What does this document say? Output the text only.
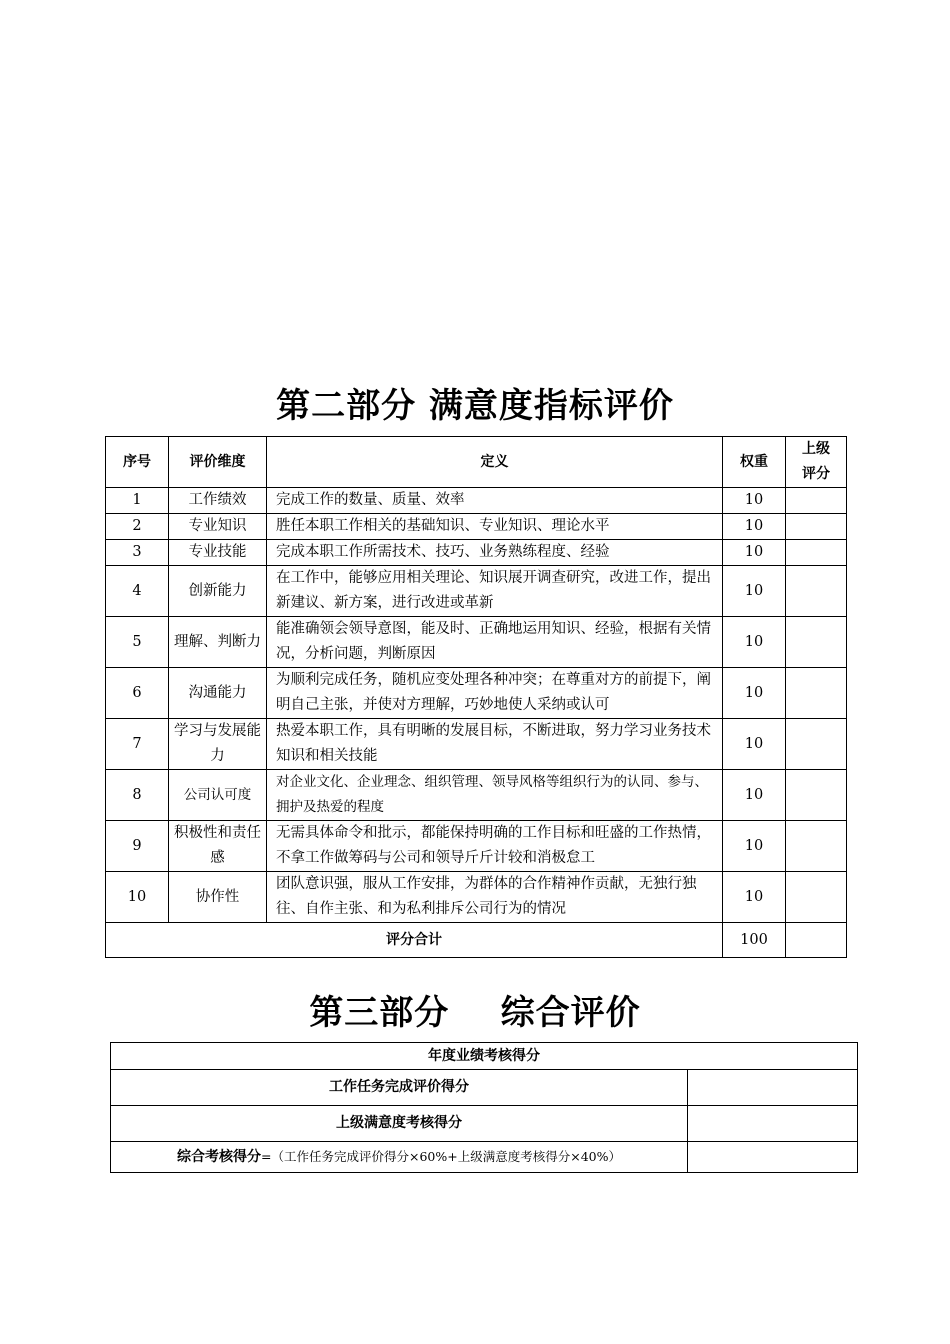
第二部分 满意度指标评价
序号	评价维度	定义	权重	上级评分
1	工作绩效	完成工作的数量、质量、效率	10	
2	专业知识	胜任本职工作相关的基础知识、专业知识、理论水平	10	
3	专业技能	完成本职工作所需技术、技巧、业务熟练程度、经验	10	
4	创新能力	在工作中，能够应用相关理论、知识展开调查研究，改进工作，提出新建议、新方案，进行改进或革新	10	
5	理解、判断力	能准确领会领导意图，能及时、正确地运用知识、经验，根据有关情况，分析问题，判断原因	10	
6	沟通能力	为顺利完成任务，随机应变处理各种冲突；在尊重对方的前提下，阐明自己主张，并使对方理解，巧妙地使人采纳或认可	10	
7	学习与发展能力	热爱本职工作，具有明晰的发展目标，不断进取，努力学习业务技术知识和相关技能	10	
8	公司认可度	对企业文化、企业理念、组织管理、领导风格等组织行为的认同、参与、拥护及热爱的程度	10	
9	积极性和责任感	无需具体命令和批示，都能保持明确的工作目标和旺盛的工作热情，不拿工作做筹码与公司和领导斤斤计较和消极怠工	10	
10	协作性	团队意识强，服从工作安排，为群体的合作精神作贡献，无独行独往、自作主张、和为私利排斥公司行为的情况	10	
评分合计			100	
第三部分    综合评价
年度业绩考核得分	
工作任务完成评价得分	
上级满意度考核得分	
综合考核得分=（工作任务完成评价得分×60%+上级满意度考核得分×40%）	
